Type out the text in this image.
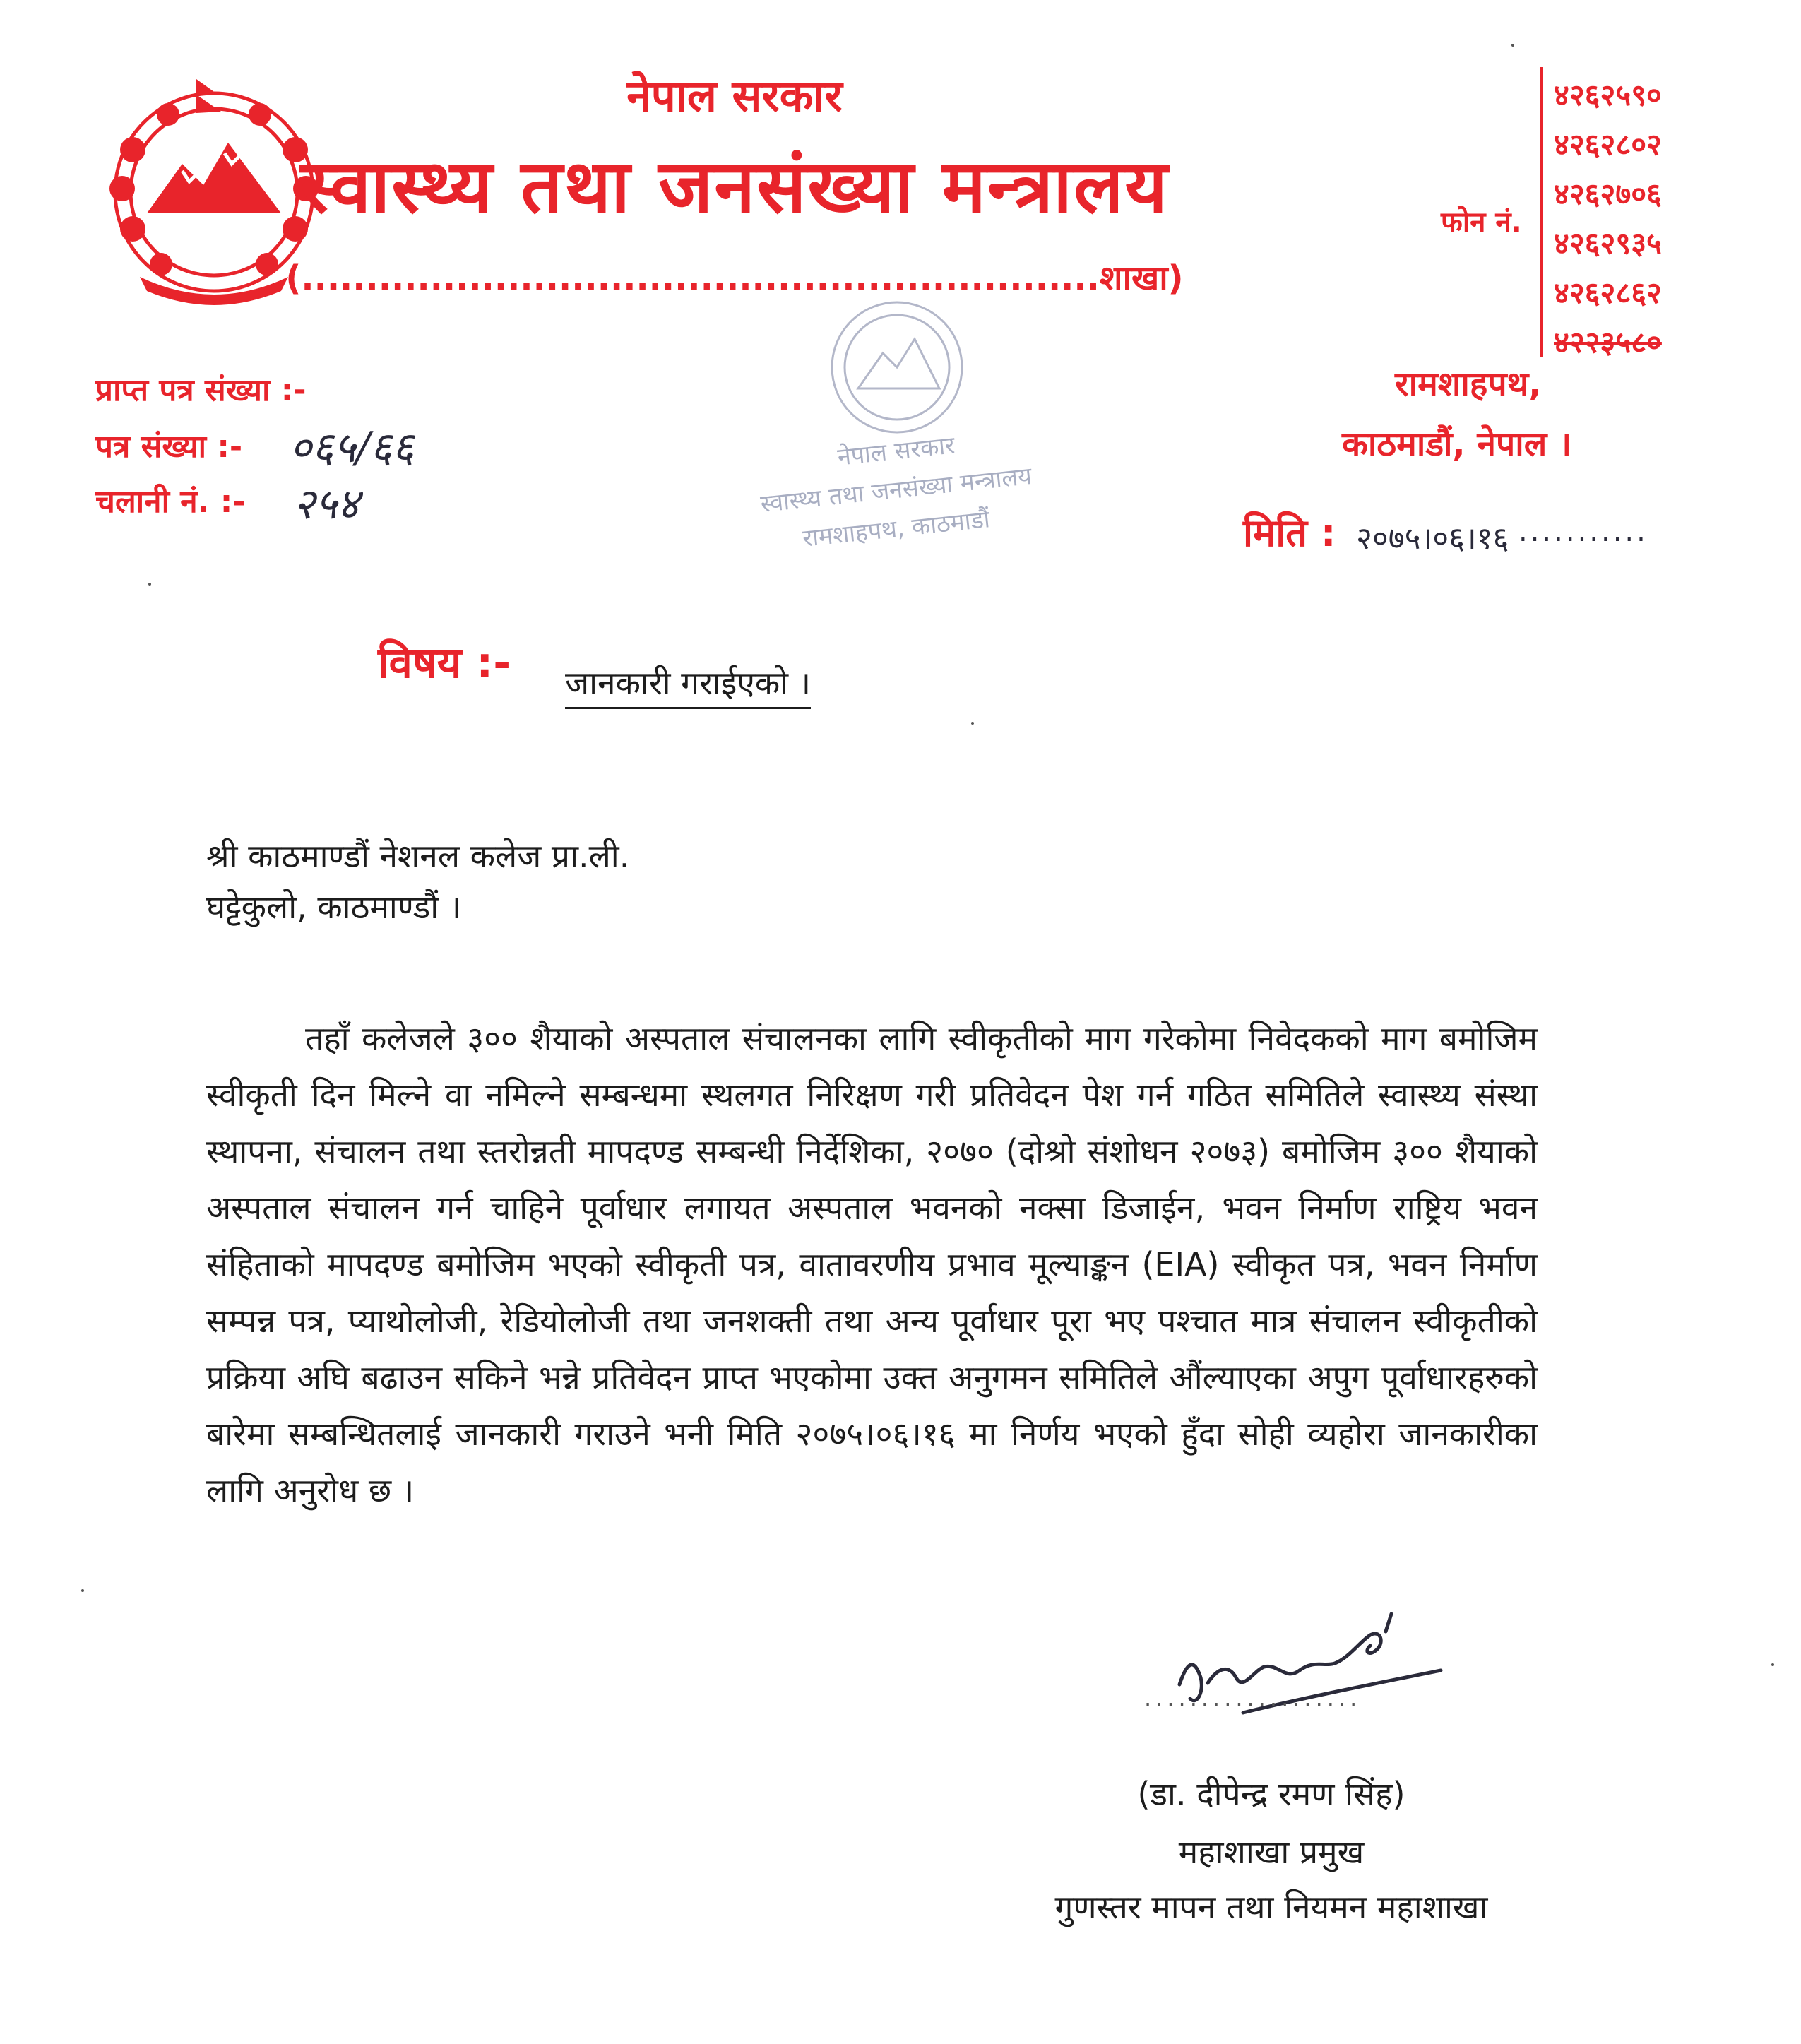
नेपाल सरकार
स्वास्थ्य तथा जनसंख्या मन्त्रालय
(..............................................................शाखा)
फोन नं.
४२६२५९०
४२६२८०२
४२६२७०६
४२६२९३५
४२६२८६२
४२२३५८०
प्राप्त पत्र संख्या :-
पत्र संख्या :- ०६५/६६
चलानी नं. :- २५४
रामशाहपथ,
काठमाडौं, नेपाल ।
मिति : २०७५।०६।१६ ...........
नेपाल सरकार
स्वास्थ्य तथा जनसंख्या मन्त्रालय
रामशाहपथ, काठमाडौं
विषय :- जानकारी गराईएको ।
श्री काठमाण्डौं नेशनल कलेज प्रा.ली.
घट्टेकुलो, काठमाण्डौं ।
तहाँ कलेजले ३०० शैयाको अस्पताल संचालनका लागि स्वीकृतीको माग गरेकोमा निवेदकको माग बमोजिम स्वीकृती दिन मिल्ने वा नमिल्ने सम्बन्धमा स्थलगत निरिक्षण गरी प्रतिवेदन पेश गर्न गठित समितिले स्वास्थ्य संस्था स्थापना, संचालन तथा स्तरोन्नती मापदण्ड सम्बन्धी निर्देशिका, २०७० (दोश्रो संशोधन २०७३) बमोजिम ३०० शैयाको अस्पताल संचालन गर्न चाहिने पूर्वाधार लगायत अस्पताल भवनको नक्सा डिजाईन, भवन निर्माण राष्ट्रिय भवन संहिताको मापदण्ड बमोजिम भएको स्वीकृती पत्र, वातावरणीय प्रभाव मूल्याङ्कन (EIA) स्वीकृत पत्र, भवन निर्माण सम्पन्न पत्र, प्याथोलोजी, रेडियोलोजी तथा जनशक्ती तथा अन्य पूर्वाधार पूरा भए पश्चात मात्र संचालन स्वीकृतीको प्रक्रिया अघि बढाउन सकिने भन्ने प्रतिवेदन प्राप्त भएकोमा उक्त अनुगमन समितिले औंल्याएका अपुग पूर्वाधारहरुको बारेमा सम्बन्धितलाई जानकारी गराउने भनी मिति २०७५।०६।१६ मा निर्णय भएको हुँदा सोही व्यहोरा जानकारीका लागि अनुरोध छ ।
...................
(डा. दीपेन्द्र रमण सिंह)
महाशाखा प्रमुख
गुणस्तर मापन तथा नियमन महाशाखा
